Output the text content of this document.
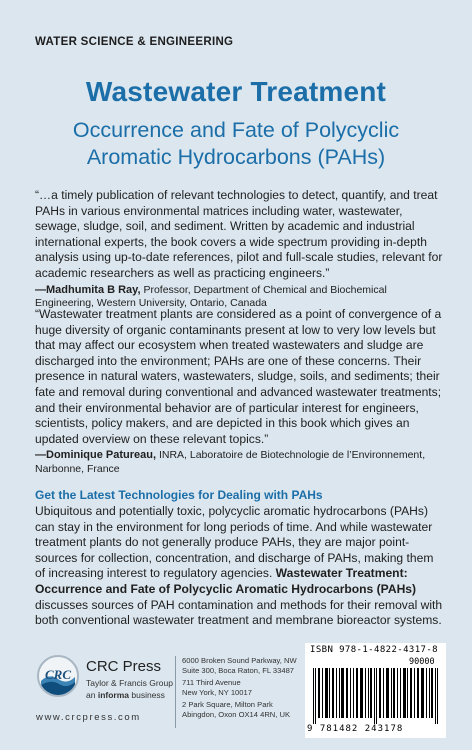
WATER SCIENCE & ENGINEERING
Wastewater Treatment
Occurrence and Fate of Polycyclic
Aromatic Hydrocarbons (PAHs)
“…a timely publication of relevant technologies to detect, quantify, and treat PAHs in various environmental matrices including water, wastewater, sewage, sludge, soil, and sediment. Written by academic and industrial international experts, the book covers a wide spectrum providing in-depth analysis using up-to-date references, pilot and full-scale studies, relevant for academic researchers as well as practicing engineers.”
—Madhumita B Ray, Professor, Department of Chemical and Biochemical Engineering, Western University, Ontario, Canada
“Wastewater treatment plants are considered as a point of convergence of a huge diversity of organic contaminants present at low to very low levels but that may affect our ecosystem when treated wastewaters and sludge are discharged into the environment; PAHs are one of these concerns. Their presence in natural waters, wastewaters, sludge, soils, and sediments; their fate and removal during conventional and advanced wastewater treatments; and their environmental behavior are of particular interest for engineers, scientists, policy makers, and are depicted in this book which gives an updated overview on these relevant topics.”
—Dominique Patureau, INRA, Laboratoire de Biotechnologie de l’Environnement, Narbonne, France
Get the Latest Technologies for Dealing with PAHs
Ubiquitous and potentially toxic, polycyclic aromatic hydrocarbons (PAHs) can stay in the environment for long periods of time. And while wastewater treatment plants do not generally produce PAHs, they are major point-sources for collection, concentration, and discharge of PAHs, making them of increasing interest to regulatory agencies. Wastewater Treatment: Occurrence and Fate of Polycyclic Aromatic Hydrocarbons (PAHs) discusses sources of PAH contamination and methods for their removal with both conventional wastewater treatment and membrane bioreactor systems.
CRC CRC Press
Taylor & Francis Group
an informa business
www.crcpress.com
6000 Broken Sound Parkway, NW
Suite 300, Boca Raton, FL 33487
711 Third Avenue
New York, NY 10017
2 Park Square, Milton Park
Abingdon, Oxon OX14 4RN, UK
ISBN 978-1-4822-4317-8
90000
9 781482 243178
